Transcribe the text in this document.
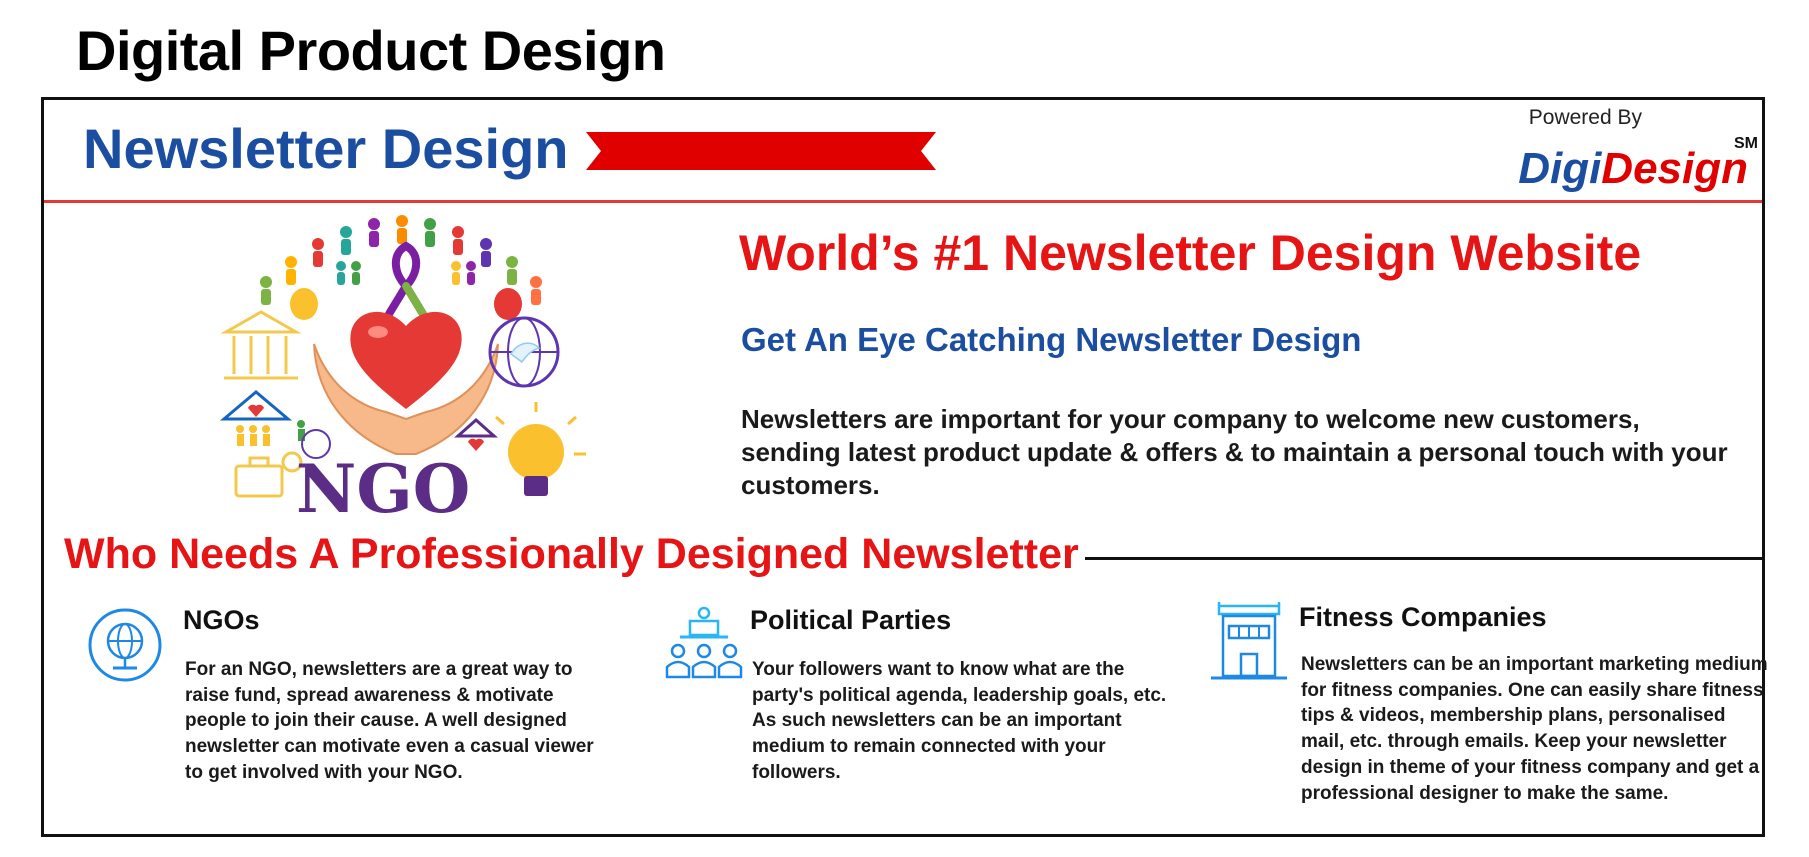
Digital Product Design
Newsletter Design	Powered By
DigiDesign
SM
NGO
World’s #1 Newsletter Design Website
Get An Eye Catching Newsletter Design
Newsletters are important for your company to welcome new customers, sending latest product update & offers & to maintain a personal touch with your customers.
Who Needs A Professionally Designed Newsletter
NGOs
For an NGO, newsletters are a great way to raise fund, spread awareness & motivate people to join their cause. A well designed newsletter can motivate even a casual viewer to get involved with your NGO.
Political Parties
Your followers want to know what are the party's political agenda, leadership goals, etc. As such newsletters can be an important medium to remain connected with your followers.
Fitness Companies
Newsletters can be an important marketing medium for fitness companies. One can easily share fitness tips & videos, membership plans, personalised mail, etc. through emails. Keep your newsletter design in theme of your fitness company and get a professional designer to make the same.
